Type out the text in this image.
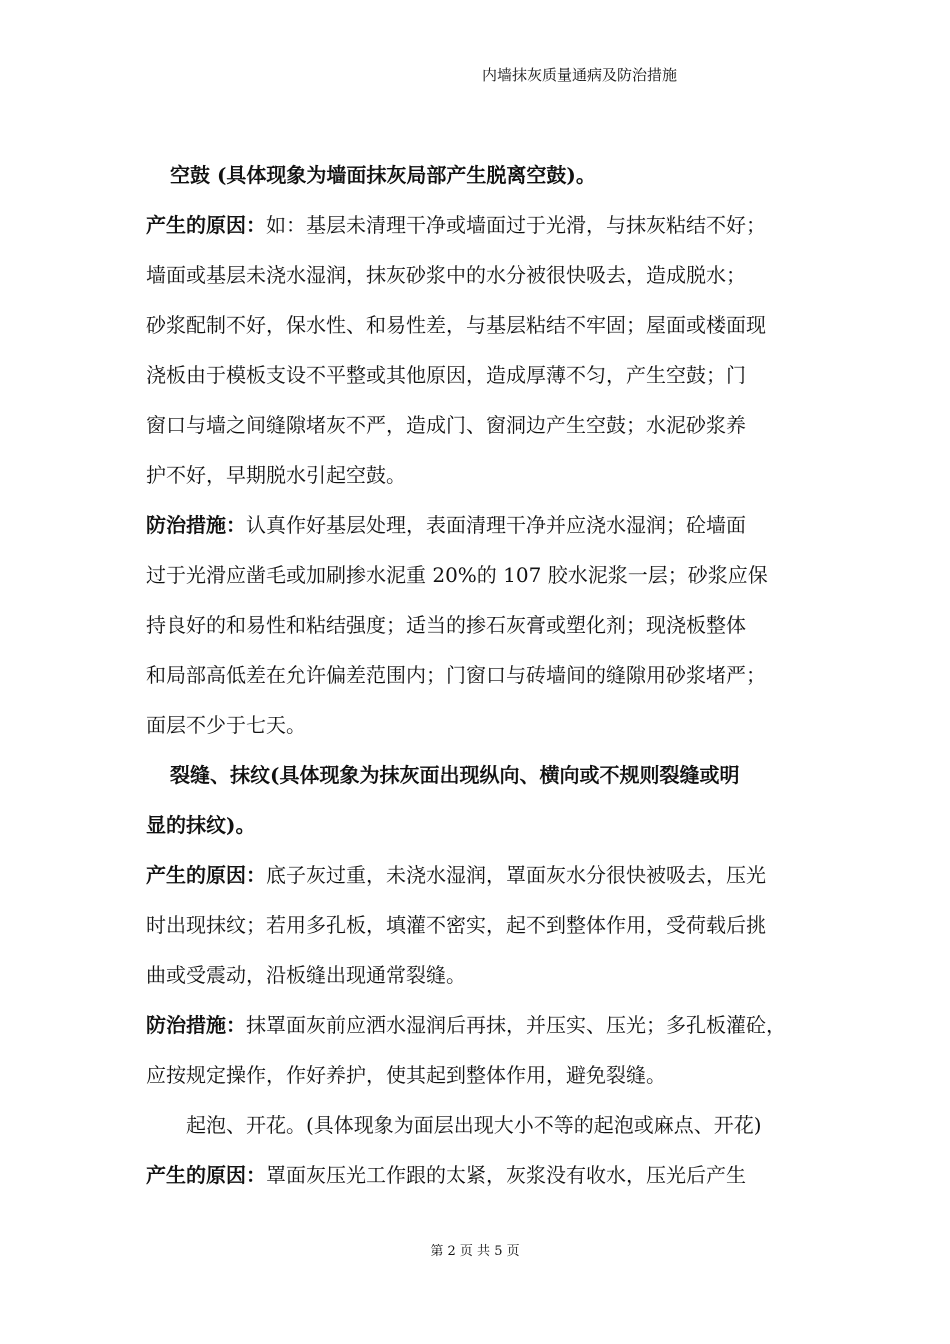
内墙抹灰质量通病及防治措施
空鼓 (具体现象为墙面抹灰局部产生脱离空鼓)。
产生的原因：如：基层未清理干净或墙面过于光滑，与抹灰粘结不好；
墙面或基层未浇水湿润，抹灰砂浆中的水分被很快吸去，造成脱水；
砂浆配制不好，保水性、和易性差，与基层粘结不牢固；屋面或楼面现
浇板由于模板支设不平整或其他原因，造成厚薄不匀，产生空鼓；门
窗口与墙之间缝隙堵灰不严，造成门、窗洞边产生空鼓；水泥砂浆养
护不好，早期脱水引起空鼓。
防治措施：认真作好基层处理，表面清理干净并应浇水湿润；砼墙面
过于光滑应凿毛或加刷掺水泥重 20%的 107 胶水泥浆一层；砂浆应保
持良好的和易性和粘结强度；适当的掺石灰膏或塑化剂；现浇板整体
和局部高低差在允许偏差范围内；门窗口与砖墙间的缝隙用砂浆堵严；
面层不少于七天。
裂缝、抹纹(具体现象为抹灰面出现纵向、横向或不规则裂缝或明
显的抹纹)。
产生的原因：底子灰过重，未浇水湿润，罩面灰水分很快被吸去，压光
时出现抹纹；若用多孔板，填灌不密实，起不到整体作用，受荷载后挑
曲或受震动，沿板缝出现通常裂缝。
防治措施：抹罩面灰前应洒水湿润后再抹，并压实、压光；多孔板灌砼，
应按规定操作，作好养护，使其起到整体作用，避免裂缝。
起泡、开花。(具体现象为面层出现大小不等的起泡或麻点、开花)
产生的原因：罩面灰压光工作跟的太紧，灰浆没有收水，压光后产生
第 2 页 共 5 页
